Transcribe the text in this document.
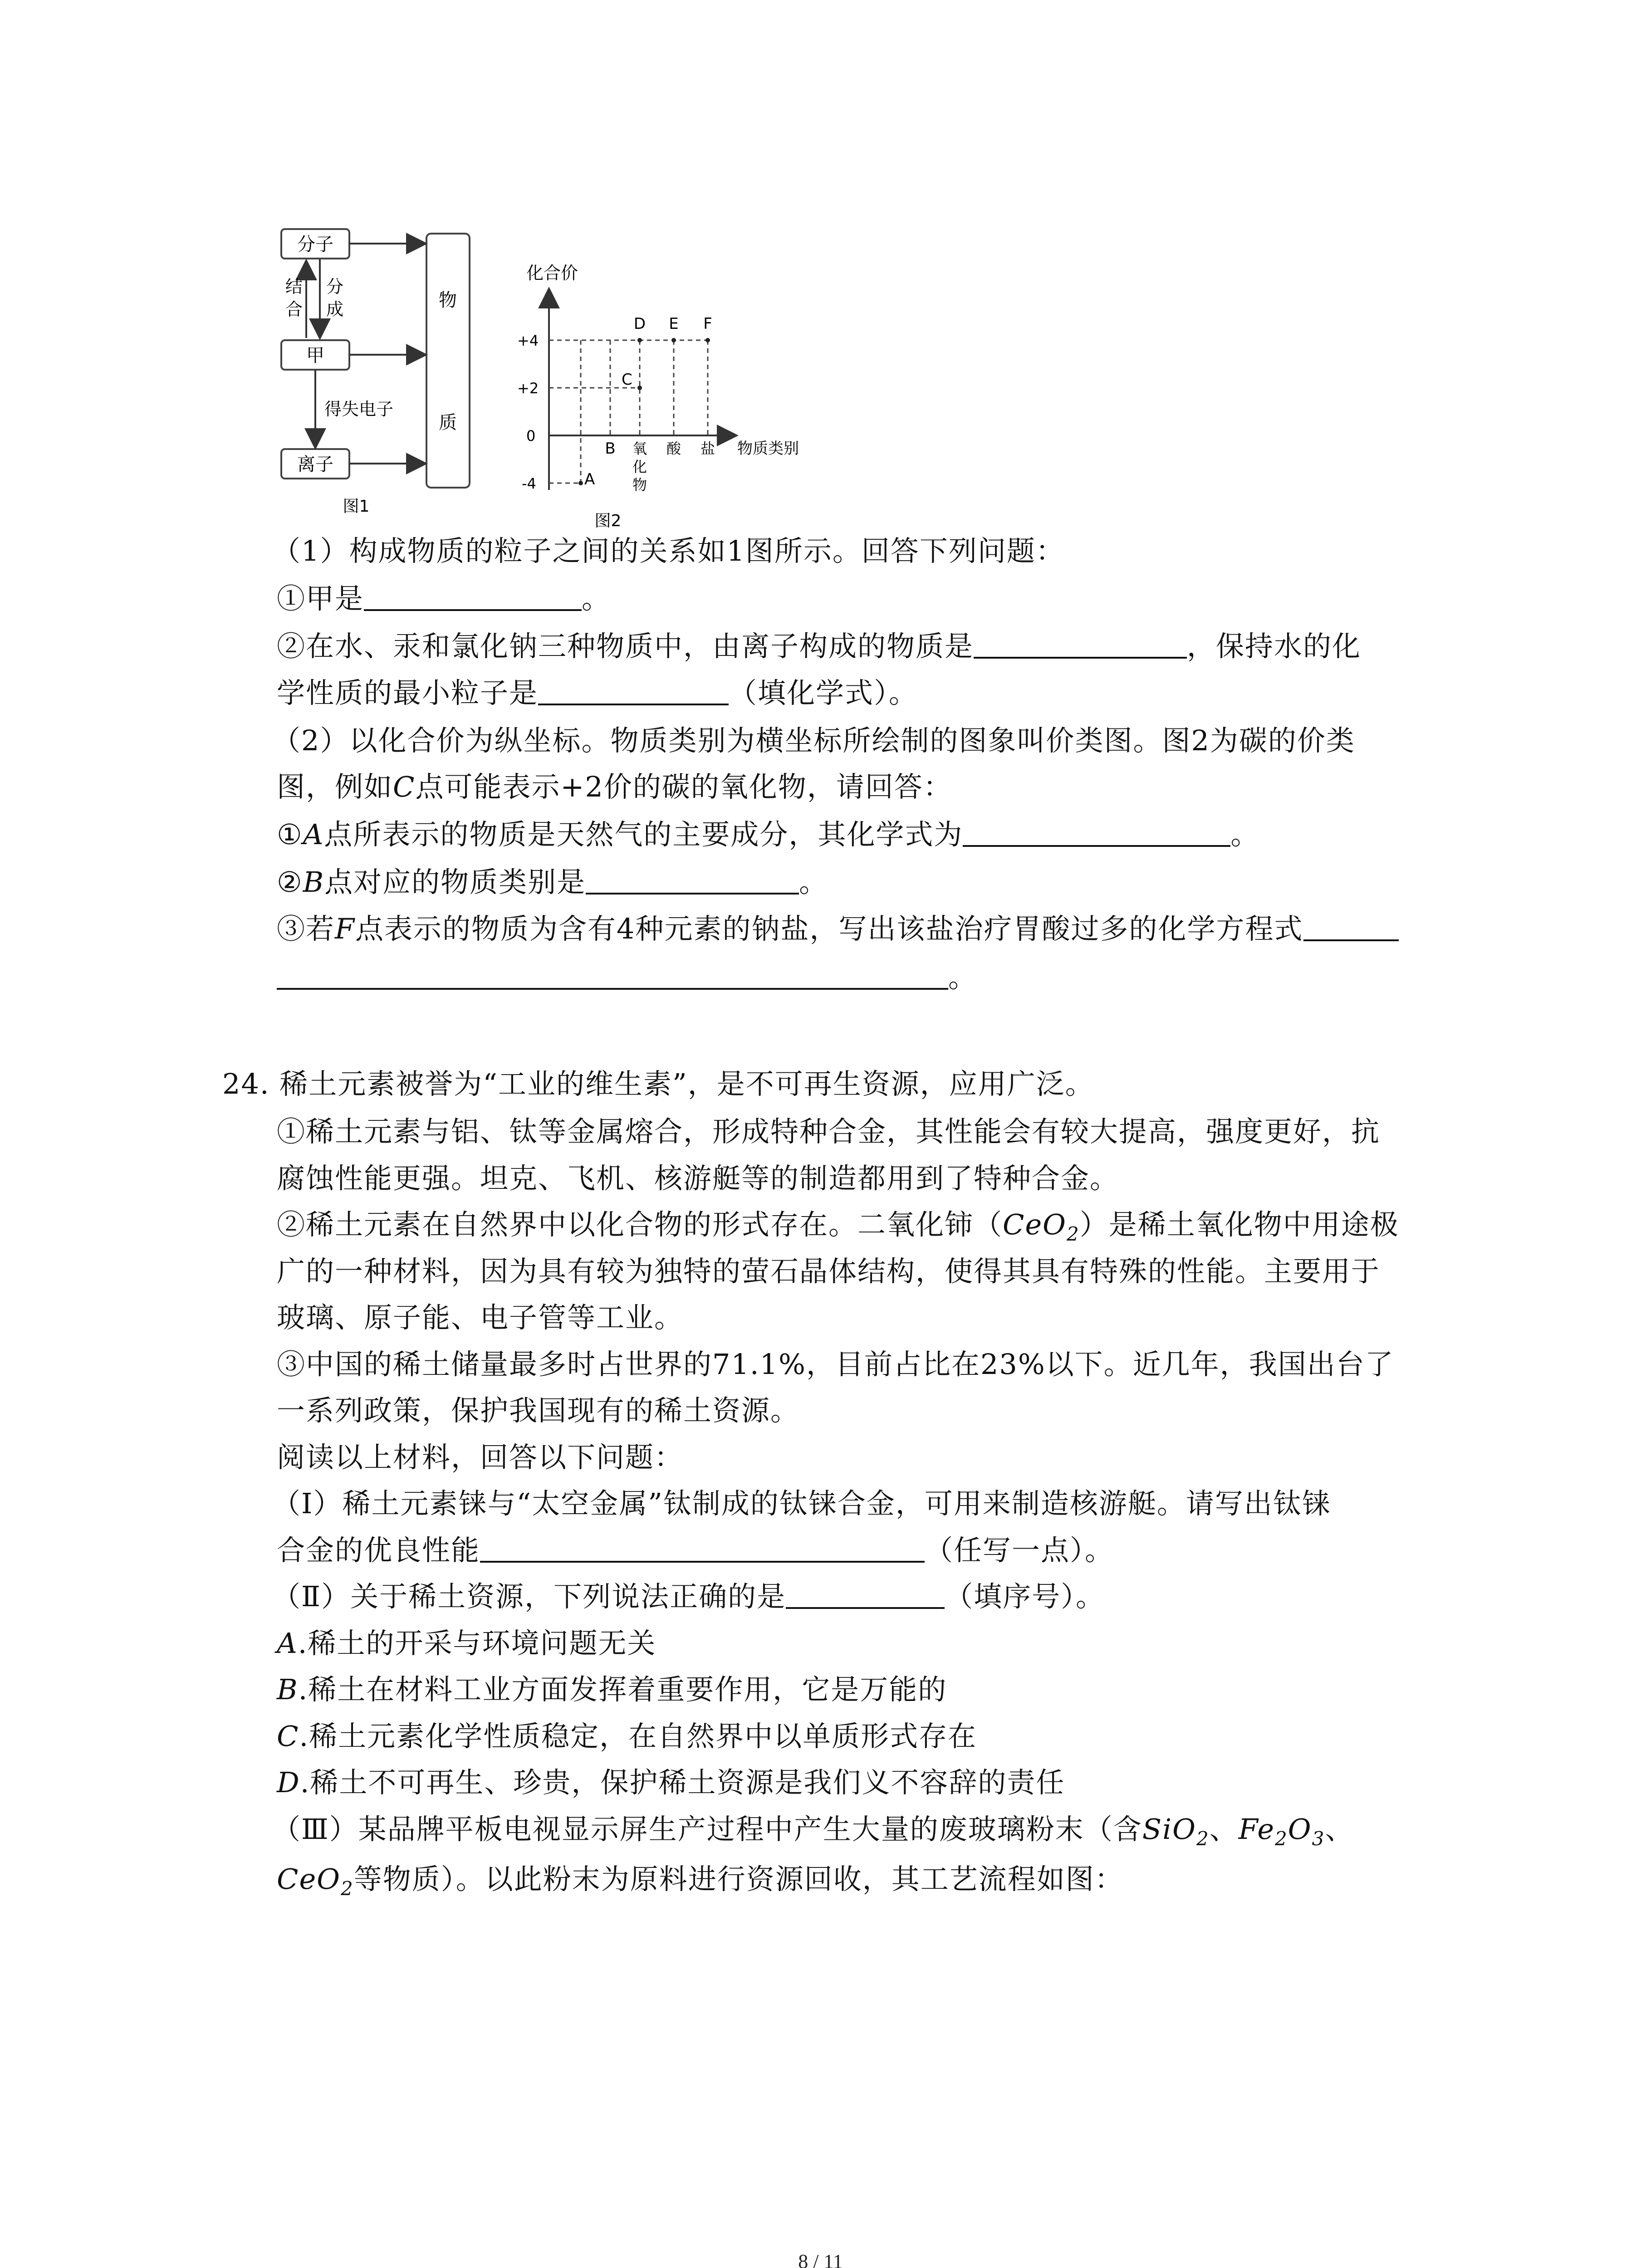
分子
甲
离子
物
质
结
合
分
成
得失电子
图1
化合价
+4
+2
0
-4
B 氧
化
物
酸 盐 物质类别
A
C
D E F
图2
（1）构成物质的粒子之间的关系如1图所示。回答下列问题：
①甲是	。
②在水、汞和氯化钠三种物质中，由离子构成的物质是	，保持水的化
学性质的最小粒子是	（填化学式）。
（2）以化合价为纵坐标。物质类别为横坐标所绘制的图象叫价类图。图2为碳的价类
图，例如C点可能表示+2价的碳的氧化物，请回答：
①A点所表示的物质是天然气的主要成分，其化学式为	。
②B点对应的物质类别是	。
③若F点表示的物质为含有4种元素的钠盐，写出该盐治疗胃酸过多的化学方程式
。
24. 稀土元素被誉为“工业的维生素”，是不可再生资源，应用广泛。
①稀土元素与铝、钛等金属熔合，形成特种合金，其性能会有较大提高，强度更好，抗
腐蚀性能更强。坦克、飞机、核游艇等的制造都用到了特种合金。
②稀土元素在自然界中以化合物的形式存在。二氧化铈（CeO$_2$）是稀土氧化物中用途极
广的一种材料，因为具有较为独特的萤石晶体结构，使得其具有特殊的性能。主要用于
玻璃、原子能、电子管等工业。
③中国的稀土储量最多时占世界的71.1%，目前占比在23%以下。近几年，我国出台了
一系列政策，保护我国现有的稀土资源。
阅读以上材料，回答以下问题：
（Ⅰ）稀土元素铼与“太空金属”钛制成的钛铼合金，可用来制造核游艇。请写出钛铼
合金的优良性能	（任写一点）。
（Ⅱ）关于稀土资源，下列说法正确的是	（填序号）。
A.稀土的开采与环境问题无关
B.稀土在材料工业方面发挥着重要作用，它是万能的
C.稀土元素化学性质稳定，在自然界中以单质形式存在
D.稀土不可再生、珍贵，保护稀土资源是我们义不容辞的责任
（Ⅲ）某品牌平板电视显示屏生产过程中产生大量的废玻璃粉末（含SiO$_2$、$Fe_2O_3$、
CeO$_2$等物质）。以此粉末为原料进行资源回收，其工艺流程如图：
8 / 11
